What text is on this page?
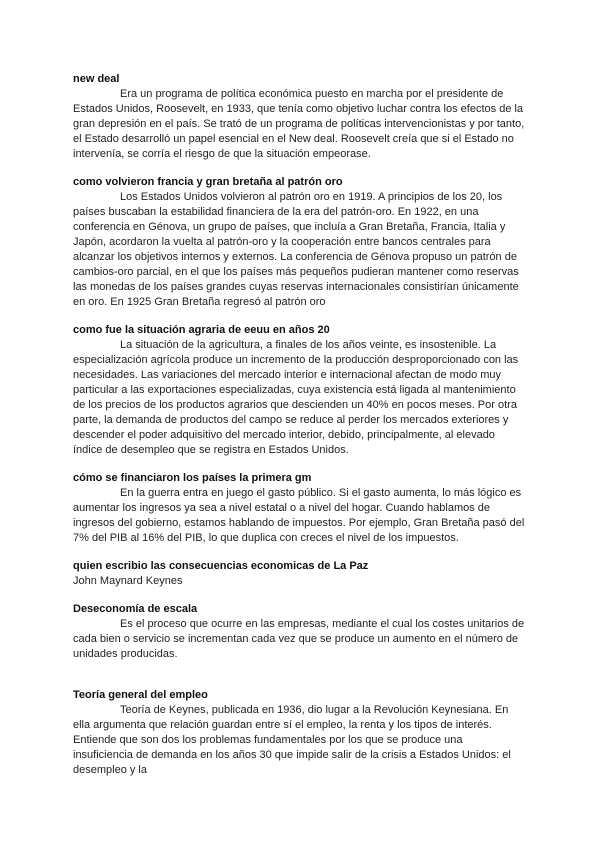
new deal

Era un programa de política económica puesto en marcha por el presidente de Estados Unidos, Roosevelt, en 1933, que tenía como objetivo luchar contra los efectos de la gran depresión en el país. Se trató de un programa de políticas intervencionistas y por tanto, el Estado desarrolló un papel esencial en el New deal. Roosevelt creía que si el Estado no intervenía, se corría el riesgo de que la situación empeorase.

como volvieron francia y gran bretaña al patrón oro

Los Estados Unidos volvieron al patrón oro en 1919. A principios de los 20, los países buscaban la estabilidad financiera de la era del patrón-oro. En 1922, en una conferencia en Génova, un grupo de países, que incluía a Gran Bretaña, Francia, Italia y Japón, acordaron la vuelta al patrón-oro y la cooperación entre bancos centrales para alcanzar los objetivos internos y externos. La conferencia de Génova propuso un patrón de cambios-oro parcial, en el que los países más pequeños pudieran mantener como reservas las monedas de los países grandes cuyas reservas internacionales consistirían únicamente en oro. En 1925 Gran Bretaña regresó al patrón oro

como fue la situación agraria de eeuu en años 20

La situación de la agricultura, a finales de los años veinte, es insostenible. La especialización agrícola produce un incremento de la producción desproporcionado con las necesidades. Las variaciones del mercado interior e internacional afectan de modo muy particular a las exportaciones especializadas, cuya existencia está ligada al mantenimiento de los precios de los productos agrarios que descienden un 40% en pocos meses. Por otra parte, la demanda de productos del campo se reduce al perder los mercados exteriores y descender el poder adquisitivo del mercado interior, debido, principalmente, al elevado índice de desempleo que se registra en Estados Unidos.

cómo se financiaron los países la primera gm

En la guerra entra en juego el gasto público. Si el gasto aumenta, lo más lógico es aumentar los ingresos ya sea a nivel estatal o a nivel del hogar. Cuando hablamos de ingresos del gobierno, estamos hablando de impuestos. Por ejemplo, Gran Bretaña pasó del 7% del PIB al 16% del PIB, lo que duplica con creces el nivel de los impuestos.

quien escribio las consecuencias economicas de La Paz

John Maynard Keynes

Deseconomía de escala

Es el proceso que ocurre en las empresas, mediante el cual los costes unitarios de cada bien o servicio se incrementan cada vez que se produce un aumento en el número de unidades producidas.

Teoría general del empleo

Teoría de Keynes, publicada en 1936, dio lugar a la Revolución Keynesiana. En ella argumenta que relación guardan entre sí el empleo, la renta y los tipos de interés. Entiende que son dos los problemas fundamentales por los que se produce una insuficiencia de demanda en los años 30 que impide salir de la crisis a Estados Unidos: el desempleo y la
